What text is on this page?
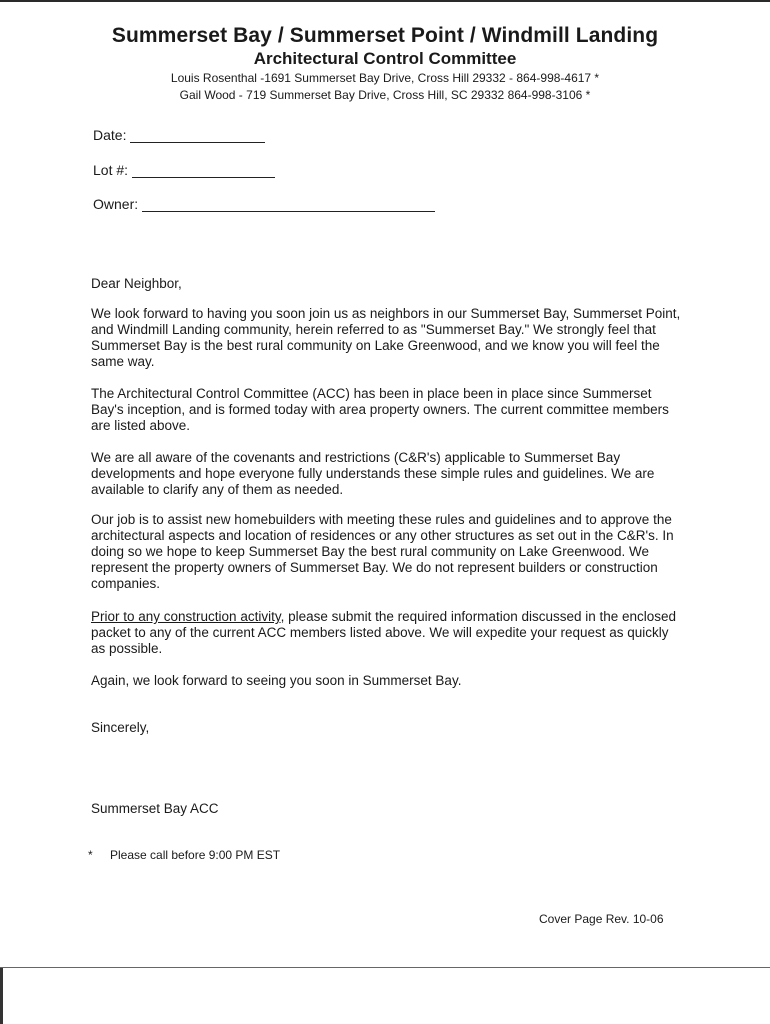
Summerset Bay / Summerset Point / Windmill Landing
Architectural Control Committee
Louis Rosenthal -1691 Summerset Bay Drive, Cross Hill 29332 - 864-998-4617 *
Gail Wood - 719 Summerset Bay Drive, Cross Hill, SC 29332 864-998-3106 *
Date:
Lot #:
Owner:

Dear Neighbor,

We look forward to having you soon join us as neighbors in our Summerset Bay, Summerset Point, and Windmill Landing community, herein referred to as "Summerset Bay." We strongly feel that Summerset Bay is the best rural community on Lake Greenwood, and we know you will feel the same way.

The Architectural Control Committee (ACC) has been in place been in place since Summerset Bay's inception, and is formed today with area property owners. The current committee members are listed above.

We are all aware of the covenants and restrictions (C&R's) applicable to Summerset Bay developments and hope everyone fully understands these simple rules and guidelines. We are available to clarify any of them as needed.

Our job is to assist new homebuilders with meeting these rules and guidelines and to approve the architectural aspects and location of residences or any other structures as set out in the C&R's. In doing so we hope to keep Summerset Bay the best rural community on Lake Greenwood. We represent the property owners of Summerset Bay. We do not represent builders or construction companies.

Prior to any construction activity, please submit the required information discussed in the enclosed packet to any of the current ACC members listed above. We will expedite your request as quickly as possible.

Again, we look forward to seeing you soon in Summerset Bay.

Sincerely,

Summerset Bay ACC

* Please call before 9:00 PM EST
Cover Page Rev. 10-06
